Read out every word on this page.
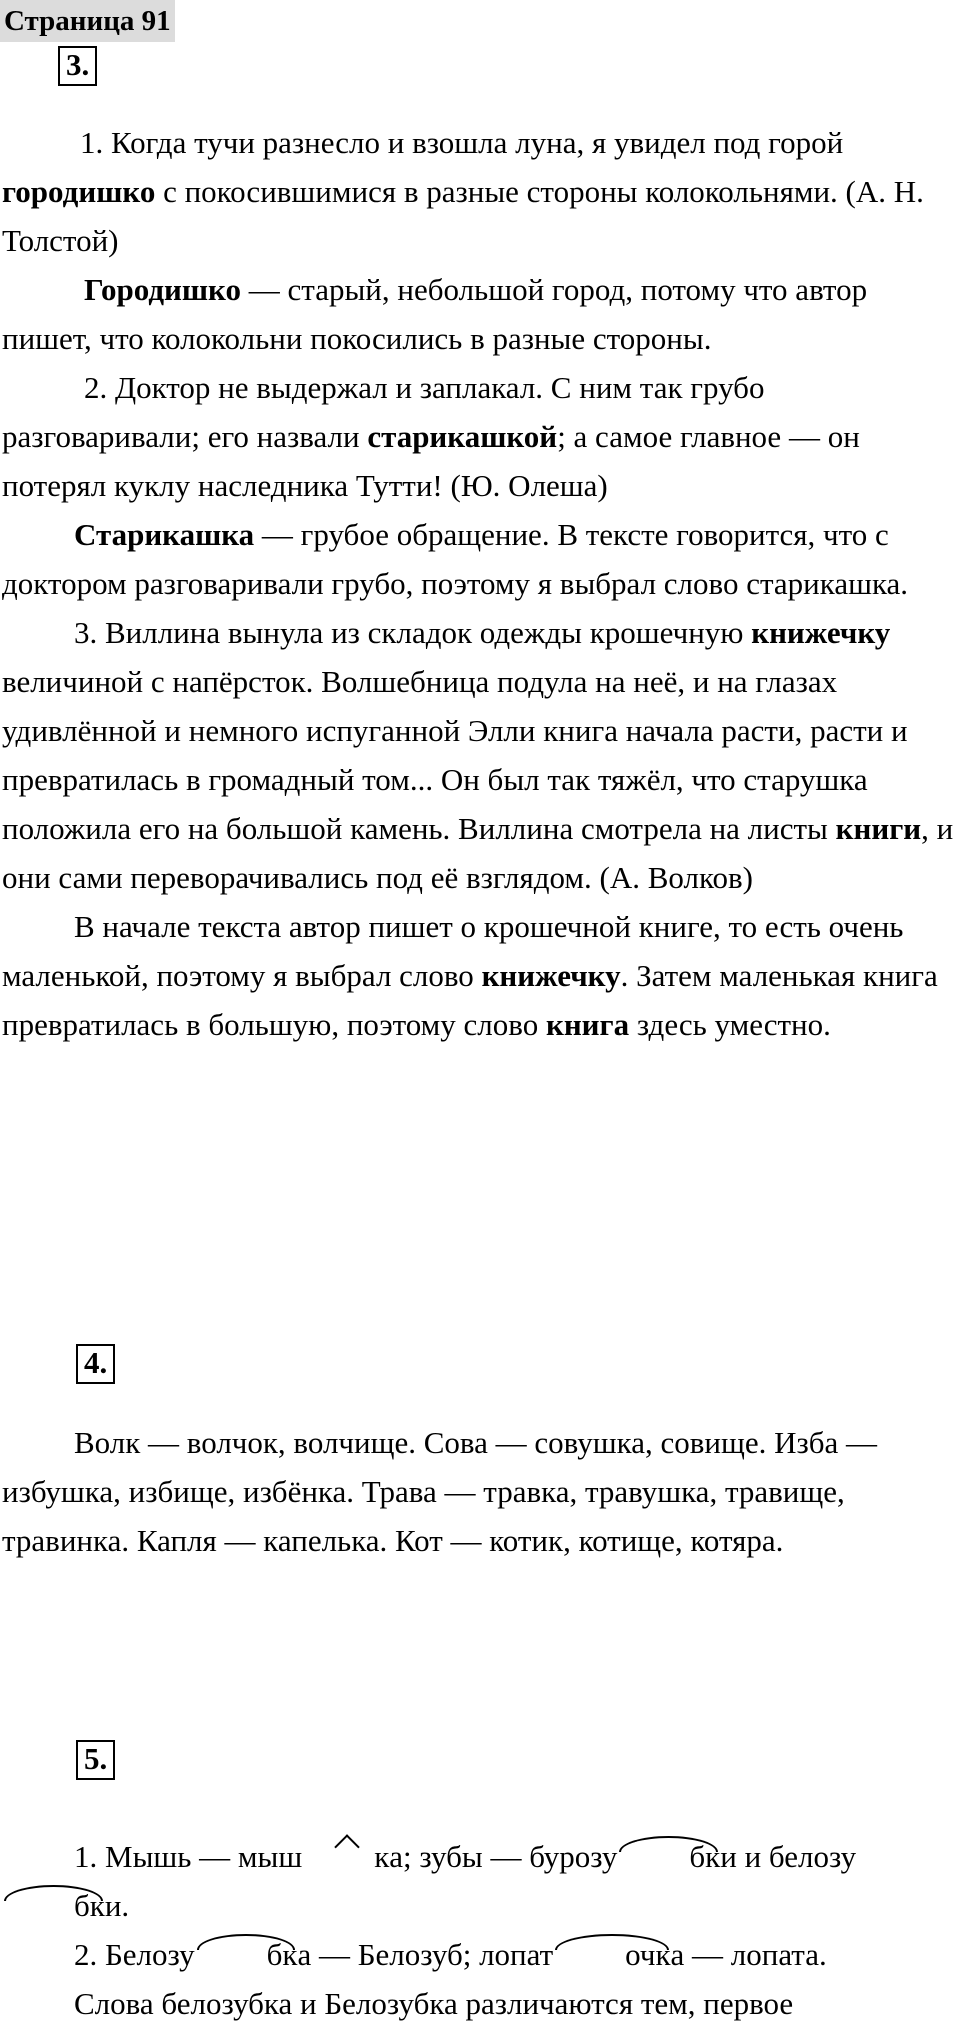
Страница 91
3.

1. Когда тучи разнесло и взошла луна, я увидел под горой городишко с покосившимися в разные стороны колокольнями. (А. Н. Толстой)

Городишко — старый, небольшой город, потому что автор пишет, что колокольни покосились в разные стороны.

2. Доктор не выдержал и заплакал. С ним так грубо разговаривали; его назвали старикашкой; а самое главное — он потерял куклу наследника Тутти! (Ю. Олеша)

Старикашка — грубое обращение. В тексте говорится, что с доктором разговаривали грубо, поэтому я выбрал слово старикашка.

3. Виллина вынула из складок одежды крошечную книжечку величиной с напёрсток. Волшебница подула на неё, и на глазах удивлённой и немного испуганной Элли книга начала расти, расти и превратилась в громадный том... Он был так тяжёл, что старушка положила его на большой камень. Виллина смотрела на листы книги, и они сами переворачивались под её взглядом. (А. Волков)

В начале текста автор пишет о крошечной книге, то есть очень маленькой, поэтому я выбрал слово книжечку. Затем маленькая книга превратилась в большую, поэтому слово книга здесь уместно.

4.

Волк — волчок, волчище. Сова — совушка, совище. Изба — избушка, избище, избёнка. Трава — травка, травушка, травище, травинка. Капля — капелька. Кот — котик, котище, котяра.

5.

1. Мышь — мыш ка; зубы — бурозу бки и белозубки.

2. Белозу бка — Белозуб; лопат очка — лопата.

Слова белозубка и Белозубка различаются тем, первое
